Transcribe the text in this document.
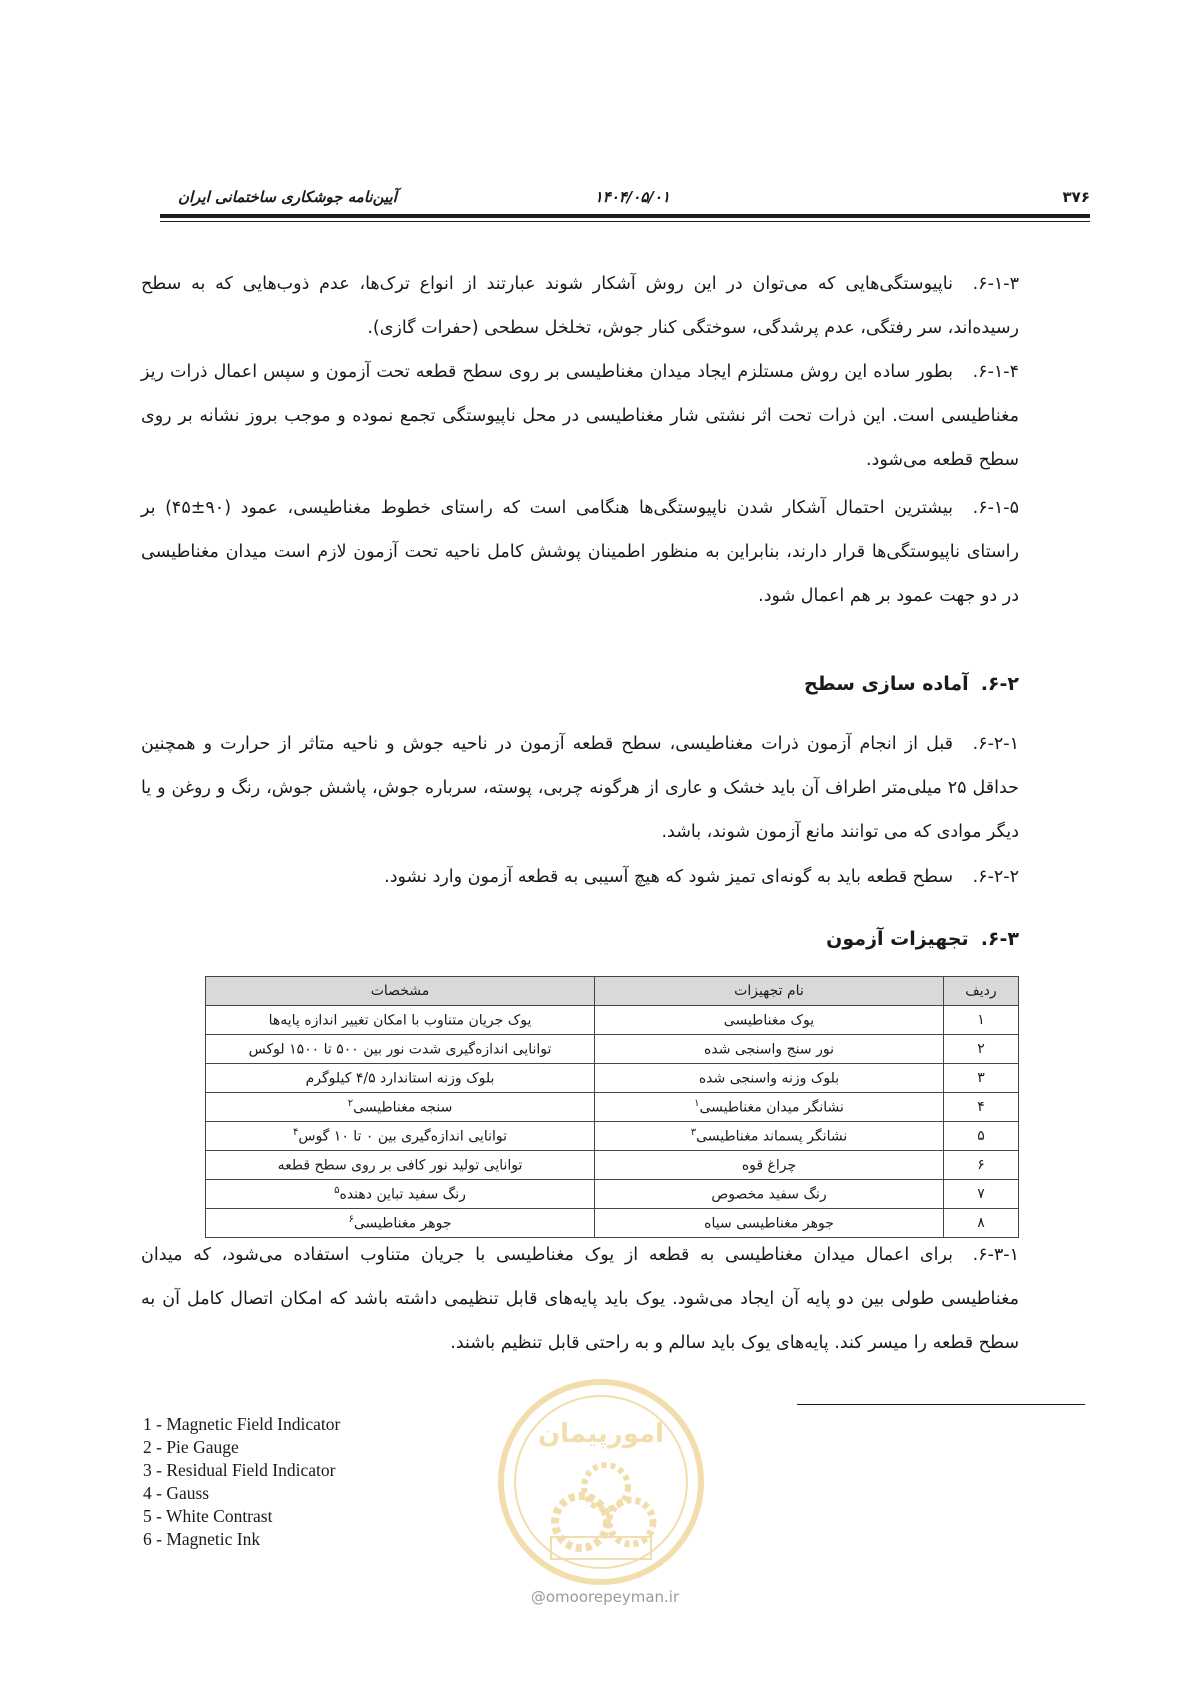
۳۷۶
۱۴۰۴/۰۵/۰۱
آیین‌نامه جوشکاری ساختمانی ایران
۶-۱-۳.ناپیوستگی‌هایی که می‌توان در این روش آشکار شوند عبارتند از انواع ترک‌ها، عدم ذوب‌هایی که به سطح رسیده‌اند، سر رفتگی، عدم پرشدگی، سوختگی کنار جوش، تخلخل سطحی (حفرات گازی).
۶-۱-۴.بطور ساده این روش مستلزم ایجاد میدان مغناطیسی بر روی سطح قطعه تحت آزمون و سپس اعمال ذرات ریز مغناطیسی است. این ذرات تحت اثر نشتی شار مغناطیسی در محل ناپیوستگی تجمع نموده و موجب بروز نشانه بر روی سطح قطعه می‌شود.
۶-۱-۵.بیشترین احتمال آشکار شدن ناپیوستگی‌ها هنگامی است که راستای خطوط مغناطیسی، عمود (۹۰±۴۵) بر راستای ناپیوستگی‌ها قرار دارند، بنابراین به منظور اطمینان پوشش کامل ناحیه تحت آزمون لازم است میدان مغناطیسی در دو جهت عمود بر هم اعمال شود.
۶-۲.آماده سازی سطح
۶-۲-۱.قبل از انجام آزمون ذرات مغناطیسی، سطح قطعه آزمون در ناحیه جوش و ناحیه متاثر از حرارت و همچنین حداقل ۲۵ میلی‌متر اطراف آن باید خشک و عاری از هرگونه چربی، پوسته، سرباره جوش، پاشش جوش، رنگ و روغن و یا دیگر موادی که می توانند مانع آزمون شوند، باشد.
۶-۲-۲.سطح قطعه باید به گونه‌ای تمیز شود که هیچ آسیبی به قطعه آزمون وارد نشود.
۶-۳.تجهیزات آزمون
ردیف	نام تجهیزات	مشخصات
۱	یوک مغناطیسی	یوک جریان متناوب با امکان تغییر اندازه پایه‌ها
۲	نور سنج واسنجی شده	توانایی اندازه‌گیری شدت نور بین ۵۰۰ تا ۱۵۰۰ لوکس
۳	بلوک وزنه واسنجی شده	بلوک وزنه استاندارد ۴/۵ کیلوگرم
۴	نشانگر میدان مغناطیسی$^۱$	سنجه مغناطیسی$^۲$
۵	نشانگر پسماند مغناطیسی$^۳$	توانایی اندازه‌گیری بین ۰ تا ۱۰ گوس$^۴$
۶	چراغ قوه	توانایی تولید نور کافی بر روی سطح قطعه
۷	رنگ سفید مخصوص	رنگ سفید تباین دهنده$^۵$
۸	جوهر مغناطیسی سیاه	جوهر مغناطیسی$^۶$
۶-۳-۱.برای اعمال میدان مغناطیسی به قطعه از یوک مغناطیسی با جریان متناوب استفاده می‌شود، که میدان مغناطیسی طولی بین دو پایه آن ایجاد می‌شود. یوک باید پایه‌های قابل تنظیمی داشته باشد که امکان اتصال کامل آن به سطح قطعه را میسر کند. پایه‌های یوک باید سالم و به راحتی قابل تنظیم باشند.
1 - Magnetic Field Indicator
2 - Pie Gauge
3 - Residual Field Indicator
4 - Gauss
5 - White Contrast
6 - Magnetic Ink
امورپیمان
@omoorepeyman.ir
